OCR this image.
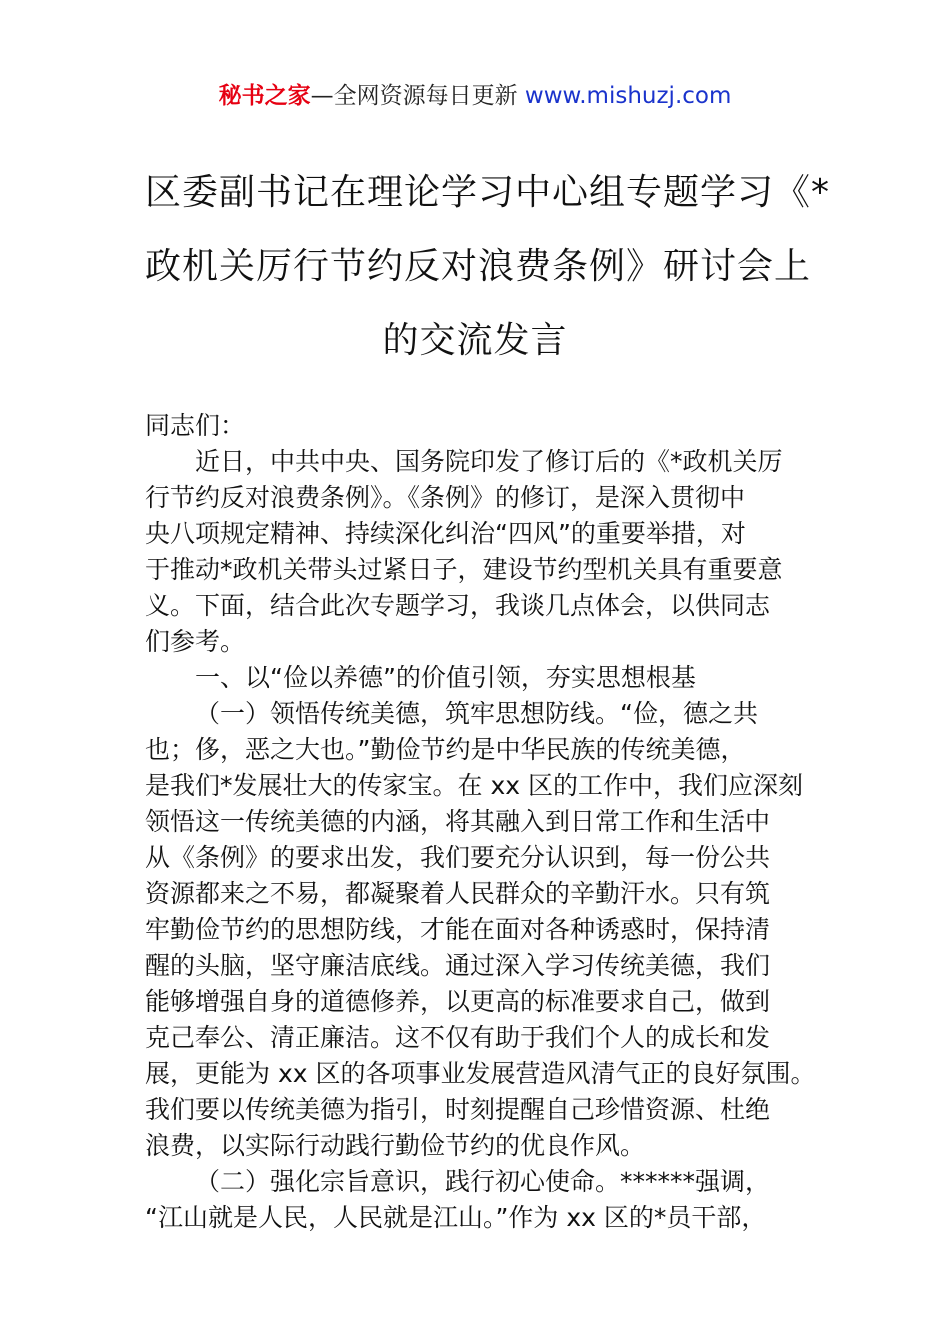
秘书之家—全网资源每日更新 www.mishuzj.com
区委副书记在理论学习中心组专题学习《*
政机关厉行节约反对浪费条例》研讨会上
的交流发言
同志们：
近日，中共中央、国务院印发了修订后的《*政机关厉
行节约反对浪费条例》。《条例》的修订，是深入贯彻中
央八项规定精神、持续深化纠治“四风”的重要举措，对
于推动*政机关带头过紧日子，建设节约型机关具有重要意
义。下面，结合此次专题学习，我谈几点体会，以供同志
们参考。
一、以“俭以养德”的价值引领，夯实思想根基
（一）领悟传统美德，筑牢思想防线。“俭，德之共
也；侈，恶之大也。”勤俭节约是中华民族的传统美德，
是我们*发展壮大的传家宝。在 xx 区的工作中，我们应深刻
领悟这一传统美德的内涵，将其融入到日常工作和生活中
从《条例》的要求出发，我们要充分认识到，每一份公共
资源都来之不易，都凝聚着人民群众的辛勤汗水。只有筑
牢勤俭节约的思想防线，才能在面对各种诱惑时，保持清
醒的头脑，坚守廉洁底线。通过深入学习传统美德，我们
能够增强自身的道德修养，以更高的标准要求自己，做到
克己奉公、清正廉洁。这不仅有助于我们个人的成长和发
展，更能为 xx 区的各项事业发展营造风清气正的良好氛围。
我们要以传统美德为指引，时刻提醒自己珍惜资源、杜绝
浪费，以实际行动践行勤俭节约的优良作风。
（二）强化宗旨意识，践行初心使命。******强调，
“江山就是人民，人民就是江山。”作为 xx 区的*员干部，
